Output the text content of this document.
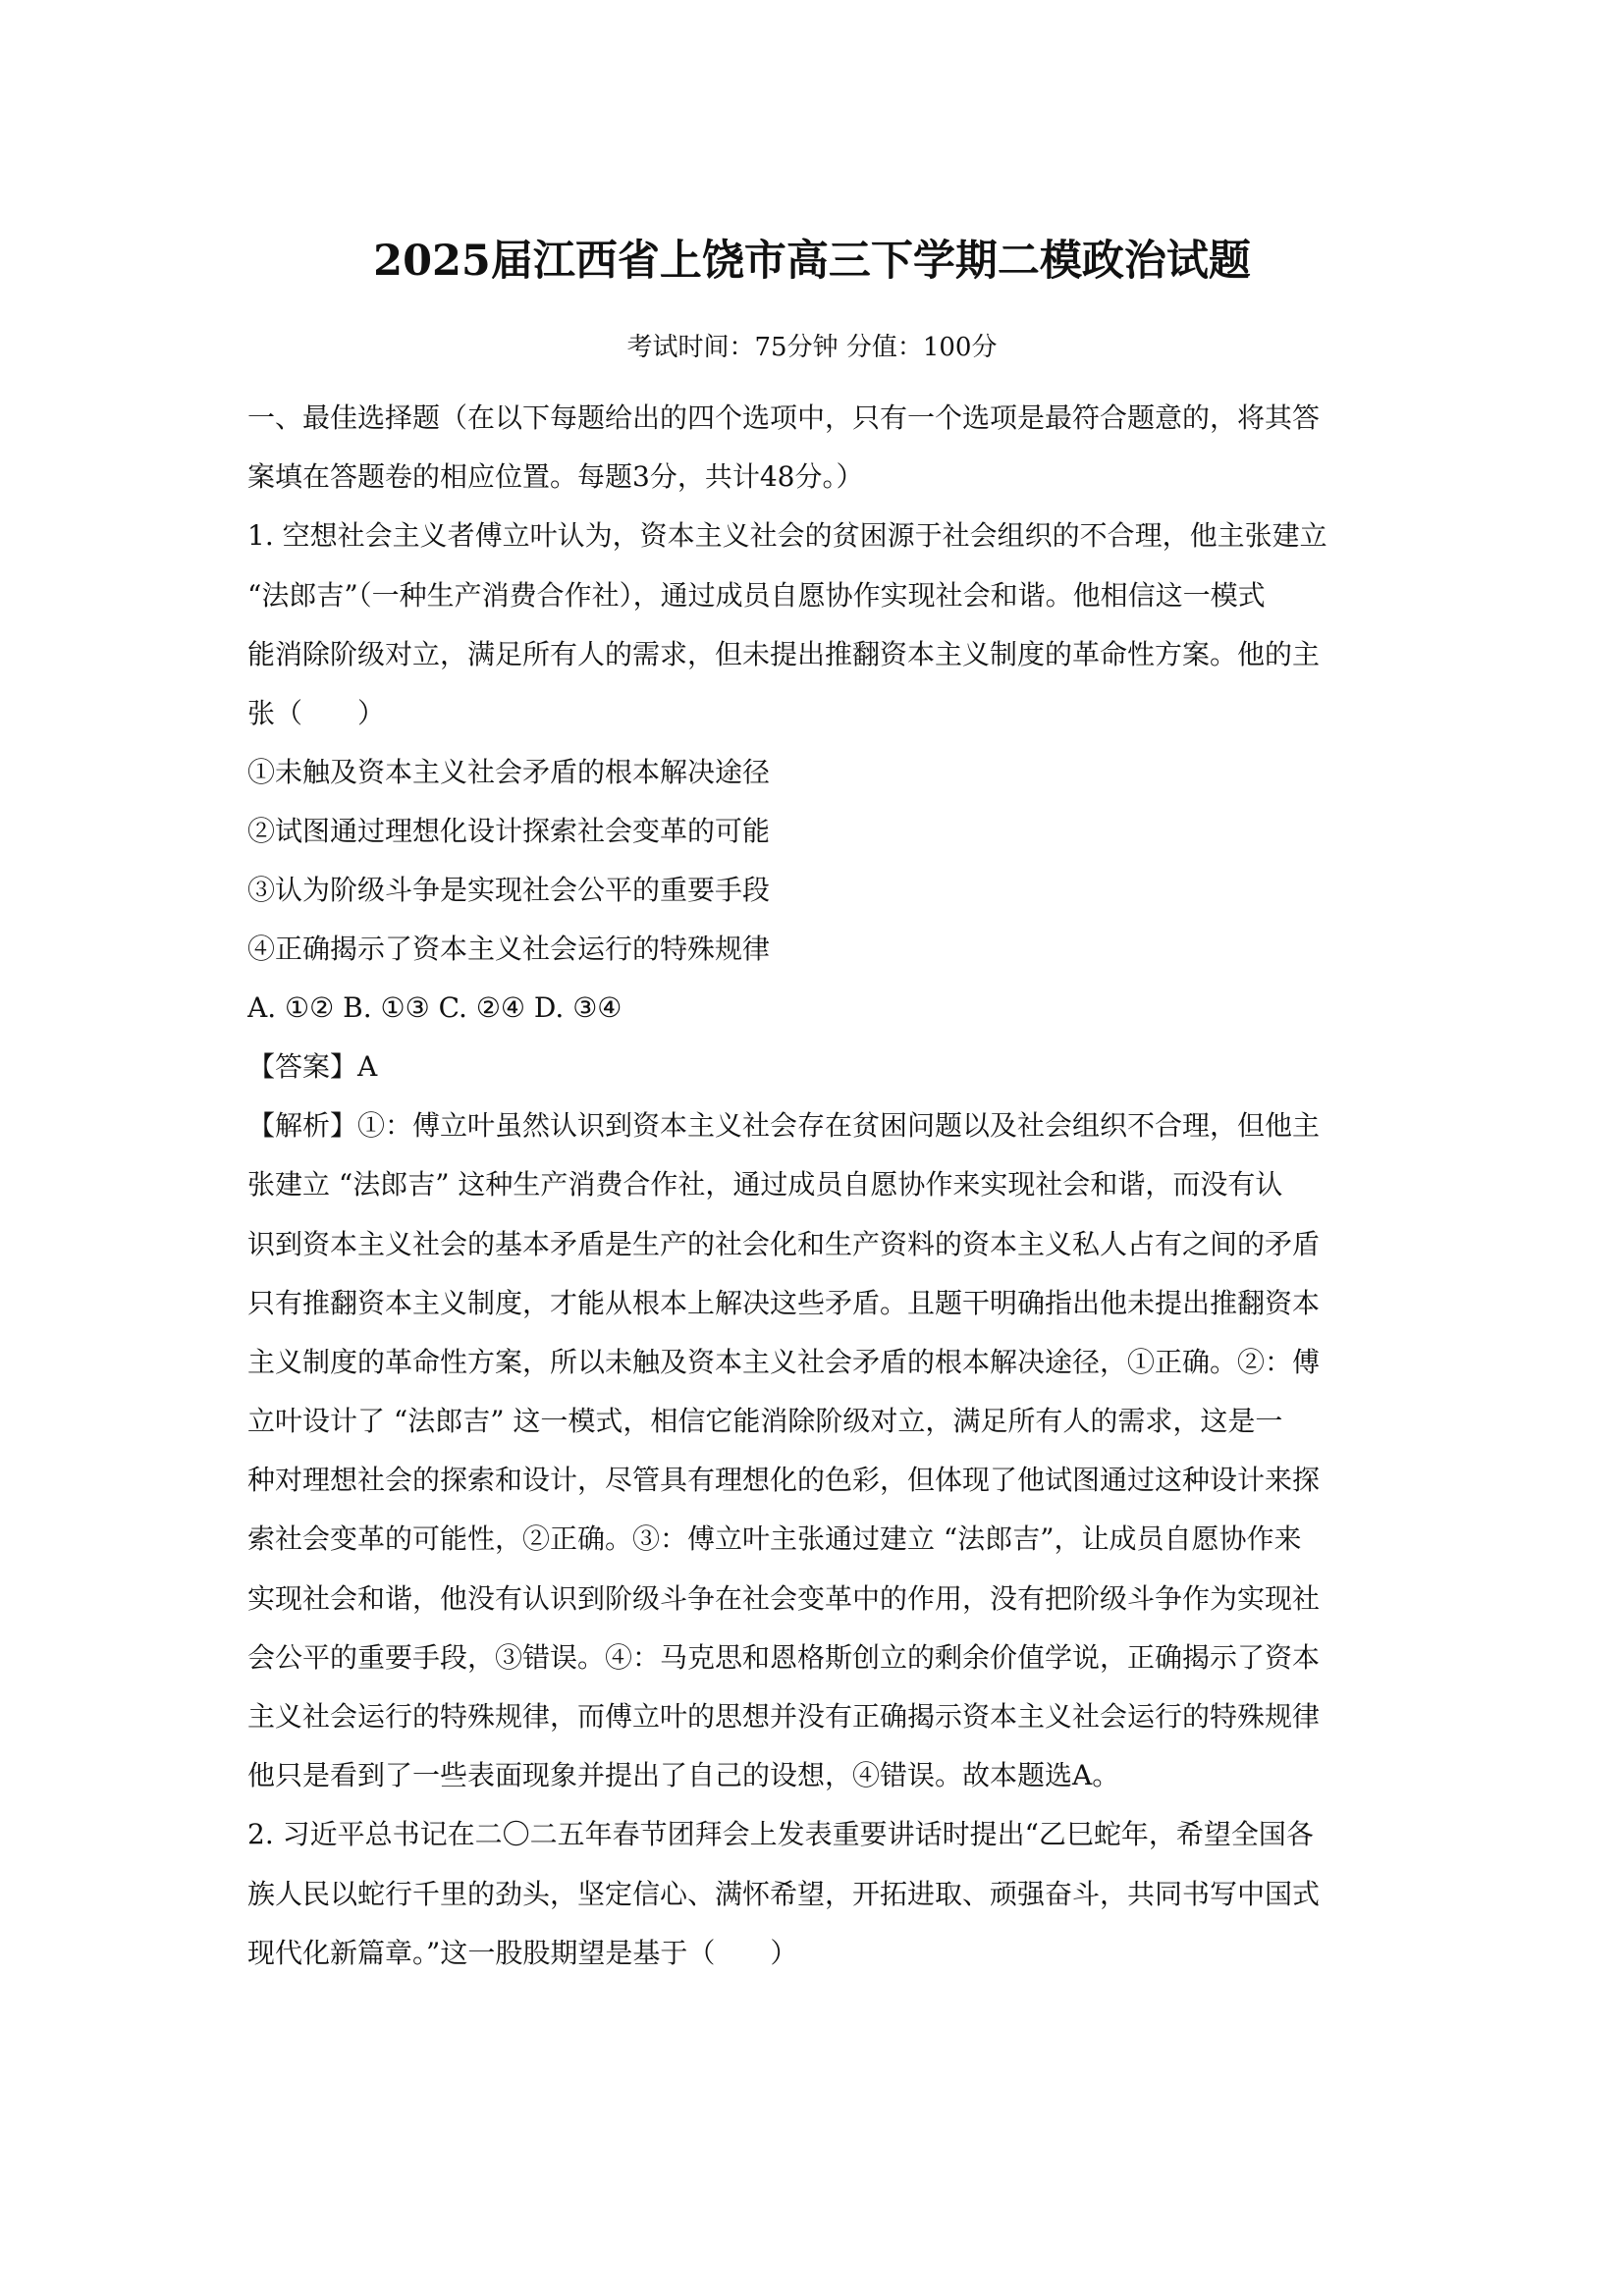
2025届江西省上饶市高三下学期二模政治试题
考试时间：75分钟 分值：100分
一、最佳选择题（在以下每题给出的四个选项中，只有一个选项是最符合题意的，将其答
案填在答题卷的相应位置。每题3分，共计48分。）
1. 空想社会主义者傅立叶认为，资本主义社会的贫困源于社会组织的不合理，他主张建立
“法郎吉”（一种生产消费合作社），通过成员自愿协作实现社会和谐。他相信这一模式
能消除阶级对立，满足所有人的需求，但未提出推翻资本主义制度的革命性方案。他的主
张（　　）
①未触及资本主义社会矛盾的根本解决途径
②试图通过理想化设计探索社会变革的可能
③认为阶级斗争是实现社会公平的重要手段
④正确揭示了资本主义社会运行的特殊规律
A. ①② B. ①③ C. ②④ D. ③④
【答案】A
【解析】①：傅立叶虽然认识到资本主义社会存在贫困问题以及社会组织不合理，但他主
张建立 “法郎吉” 这种生产消费合作社，通过成员自愿协作来实现社会和谐，而没有认
识到资本主义社会的基本矛盾是生产的社会化和生产资料的资本主义私人占有之间的矛盾
只有推翻资本主义制度，才能从根本上解决这些矛盾。且题干明确指出他未提出推翻资本
主义制度的革命性方案，所以未触及资本主义社会矛盾的根本解决途径，①正确。②：傅
立叶设计了 “法郎吉” 这一模式，相信它能消除阶级对立，满足所有人的需求，这是一
种对理想社会的探索和设计，尽管具有理想化的色彩，但体现了他试图通过这种设计来探
索社会变革的可能性，②正确。③：傅立叶主张通过建立 “法郎吉”，让成员自愿协作来
实现社会和谐，他没有认识到阶级斗争在社会变革中的作用，没有把阶级斗争作为实现社
会公平的重要手段，③错误。④：马克思和恩格斯创立的剩余价值学说，正确揭示了资本
主义社会运行的特殊规律，而傅立叶的思想并没有正确揭示资本主义社会运行的特殊规律
他只是看到了一些表面现象并提出了自己的设想，④错误。故本题选A。
2. 习近平总书记在二〇二五年春节团拜会上发表重要讲话时提出“乙巳蛇年，希望全国各
族人民以蛇行千里的劲头，坚定信心、满怀希望，开拓进取、顽强奋斗，共同书写中国式
现代化新篇章。”这一股股期望是基于（　　）
